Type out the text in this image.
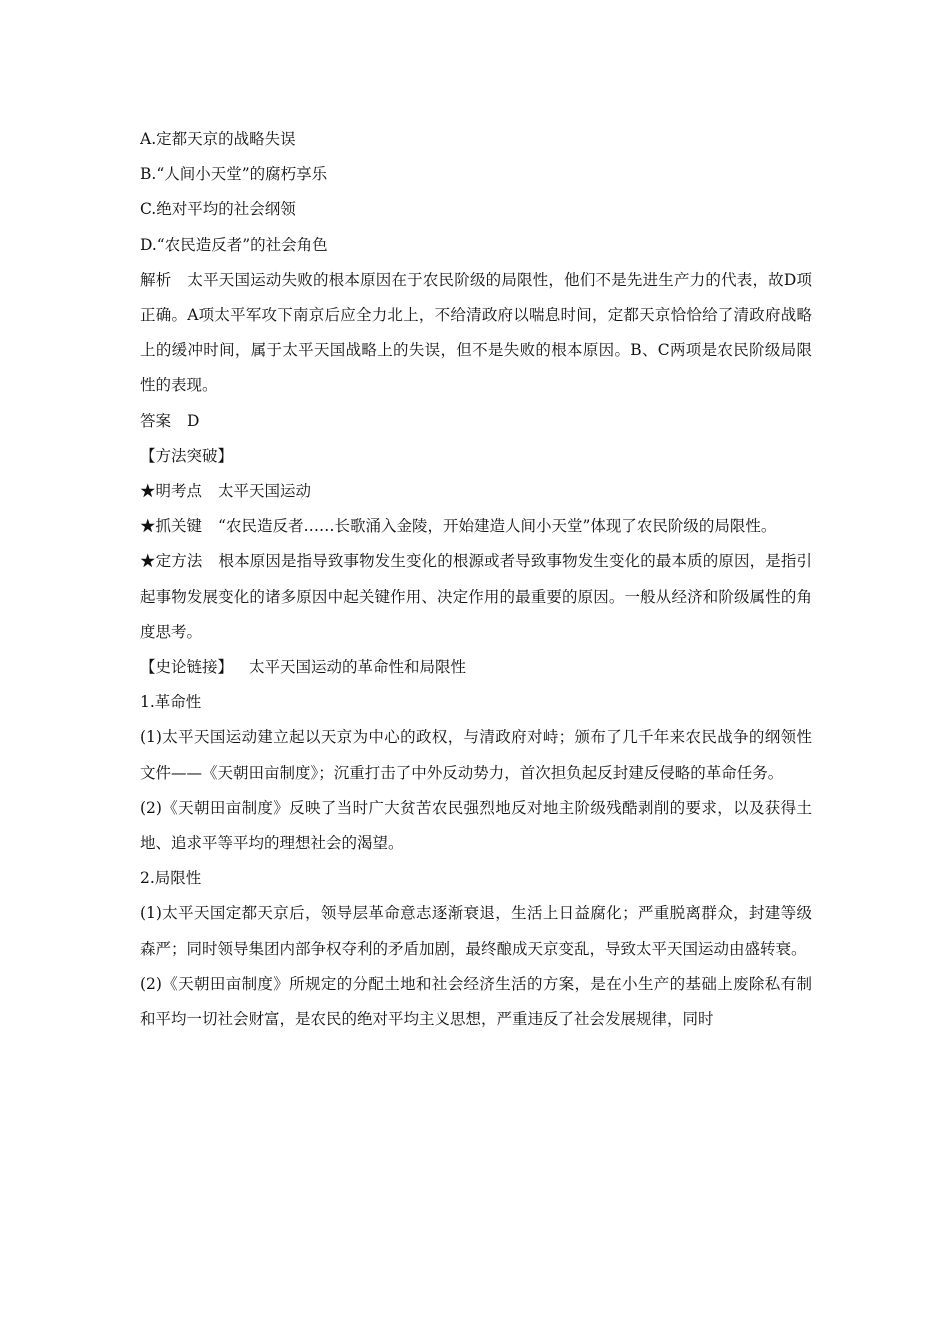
A.定都天京的战略失误
B.“人间小天堂”的腐朽享乐
C.绝对平均的社会纲领
D.“农民造反者”的社会角色
解析 太平天国运动失败的根本原因在于农民阶级的局限性，他们不是先进生产力的代表，故D项正确。A项太平军攻下南京后应全力北上，不给清政府以喘息时间，定都天京恰恰给了清政府战略上的缓冲时间，属于太平天国战略上的失误，但不是失败的根本原因。B、C两项是农民阶级局限性的表现。
答案 D
【方法突破】
★明考点 太平天国运动
★抓关键 “农民造反者……长歌涌入金陵，开始建造人间小天堂”体现了农民阶级的局限性。
★定方法 根本原因是指导致事物发生变化的根源或者导致事物发生变化的最本质的原因，是指引起事物发展变化的诸多原因中起关键作用、决定作用的最重要的原因。一般从经济和阶级属性的角度思考。
【史论链接】 太平天国运动的革命性和局限性
1.革命性
(1)太平天国运动建立起以天京为中心的政权，与清政府对峙；颁布了几千年来农民战争的纲领性文件——《天朝田亩制度》；沉重打击了中外反动势力，首次担负起反封建反侵略的革命任务。
(2)《天朝田亩制度》反映了当时广大贫苦农民强烈地反对地主阶级残酷剥削的要求，以及获得土地、追求平等平均的理想社会的渴望。
2.局限性
(1)太平天国定都天京后，领导层革命意志逐渐衰退，生活上日益腐化；严重脱离群众，封建等级森严；同时领导集团内部争权夺利的矛盾加剧，最终酿成天京变乱，导致太平天国运动由盛转衰。
(2)《天朝田亩制度》所规定的分配土地和社会经济生活的方案，是在小生产的基础上废除私有制和平均一切社会财富，是农民的绝对平均主义思想，严重违反了社会发展规律，同时
